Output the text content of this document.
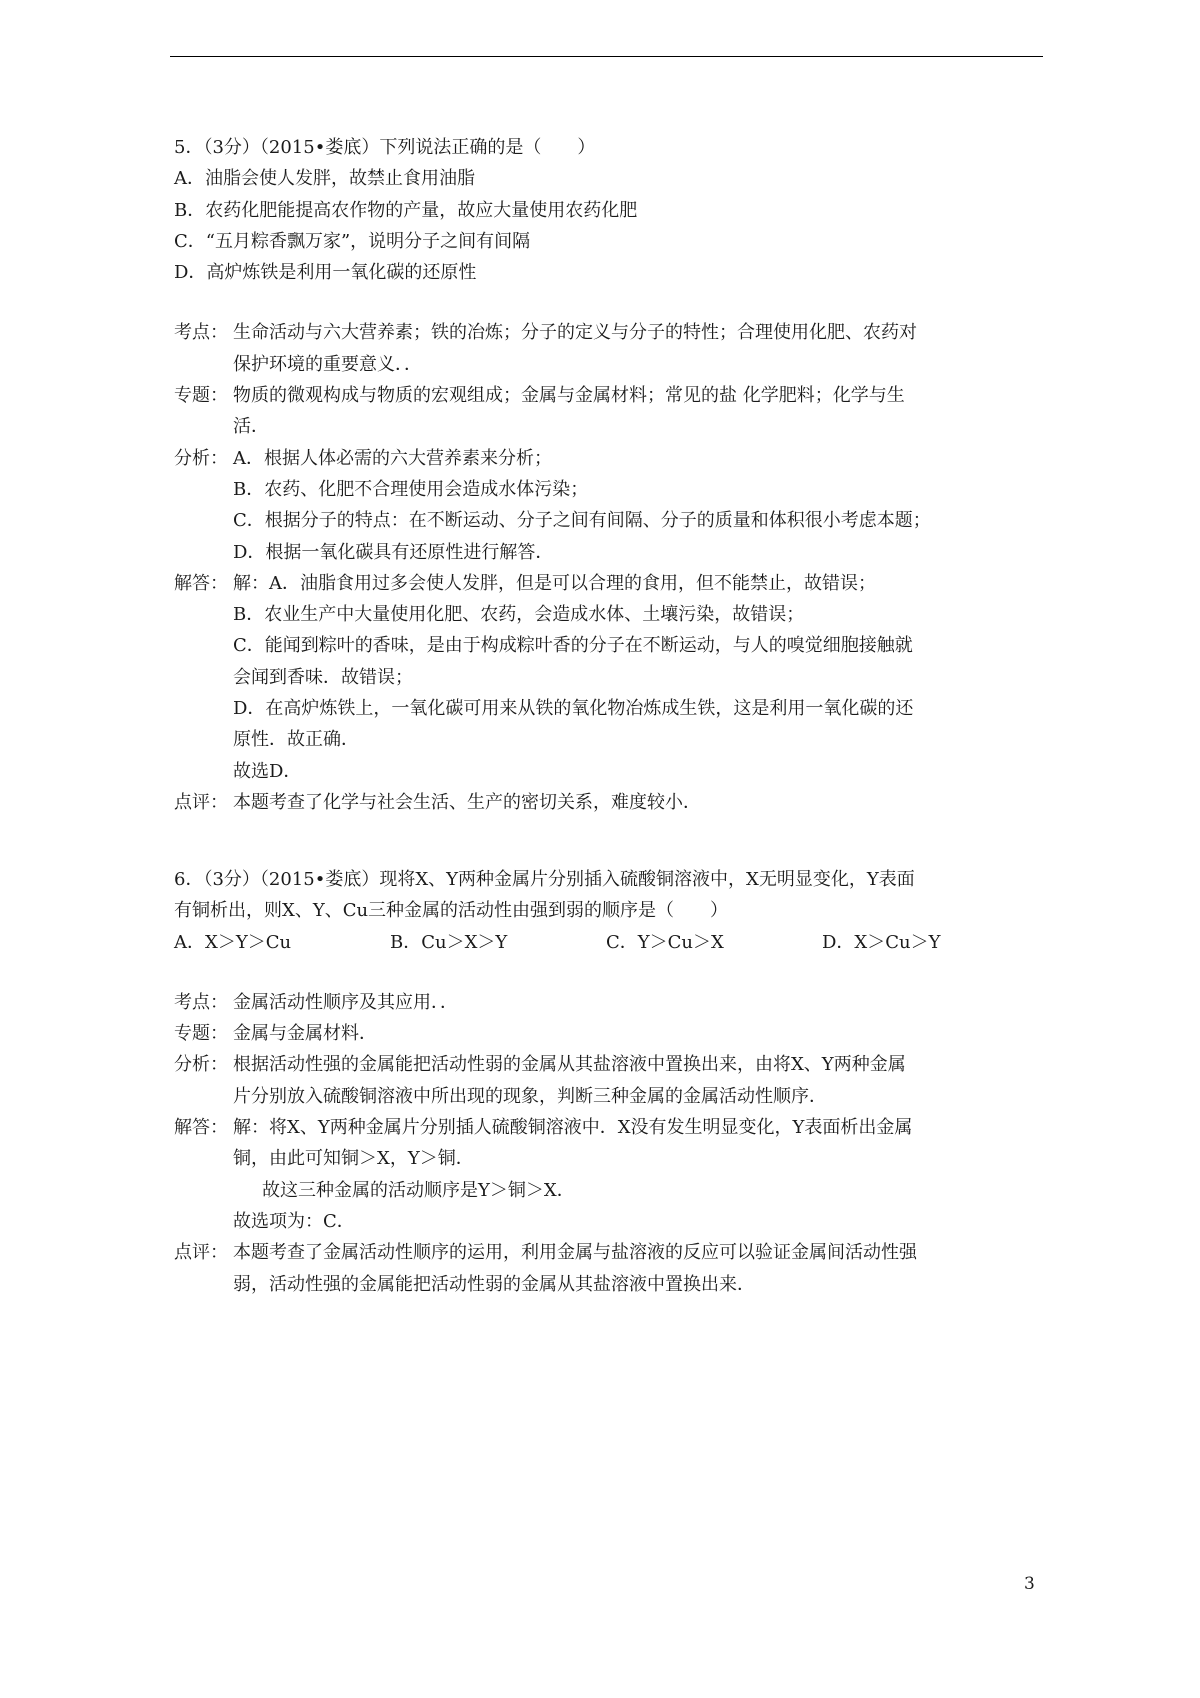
5．（3分）（2015•娄底）下列说法正确的是（　　）
A．油脂会使人发胖，故禁止食用油脂
B．农药化肥能提高农作物的产量，故应大量使用农药化肥
C．“五月粽香飘万家”，说明分子之间有间隔
D．高炉炼铁是利用一氧化碳的还原性
考点： 生命活动与六大营养素；铁的冶炼；分子的定义与分子的特性；合理使用化肥、农药对
保护环境的重要意义．．
专题： 物质的微观构成与物质的宏观组成；金属与金属材料；常见的盐 化学肥料；化学与生
活．
分析： A．根据人体必需的六大营养素来分析；
B．农药、化肥不合理使用会造成水体污染；
C．根据分子的特点：在不断运动、分子之间有间隔、分子的质量和体积很小考虑本题；
D．根据一氧化碳具有还原性进行解答．
解答： 解：A．油脂食用过多会使人发胖，但是可以合理的食用，但不能禁止，故错误；
B．农业生产中大量使用化肥、农药，会造成水体、土壤污染，故错误；
C．能闻到粽叶的香味，是由于构成粽叶香的分子在不断运动，与人的嗅觉细胞接触就
会闻到香味．故错误；
D．在高炉炼铁上，一氧化碳可用来从铁的氧化物冶炼成生铁，这是利用一氧化碳的还
原性．故正确．
故选D．
点评： 本题考查了化学与社会生活、生产的密切关系，难度较小．
6．（3分）（2015•娄底）现将X、Y两种金属片分别插入硫酸铜溶液中，X无明显变化，Y表面
有铜析出，则X、Y、Cu三种金属的活动性由强到弱的顺序是（　　）
A．X＞Y＞Cu	B．Cu＞X＞Y	C．Y＞Cu＞X	D．X＞Cu＞Y
考点： 金属活动性顺序及其应用．．
专题： 金属与金属材料．
分析： 根据活动性强的金属能把活动性弱的金属从其盐溶液中置换出来，由将X、Y两种金属
片分别放入硫酸铜溶液中所出现的现象，判断三种金属的金属活动性顺序．
解答： 解：将X、Y两种金属片分别插人硫酸铜溶液中．X没有发生明显变化，Y表面析出金属
铜，由此可知铜＞X，Y＞铜．
故这三种金属的活动顺序是Y＞铜＞X．
故选项为：C．
点评： 本题考查了金属活动性顺序的运用，利用金属与盐溶液的反应可以验证金属间活动性强
弱，活动性强的金属能把活动性弱的金属从其盐溶液中置换出来．
3
